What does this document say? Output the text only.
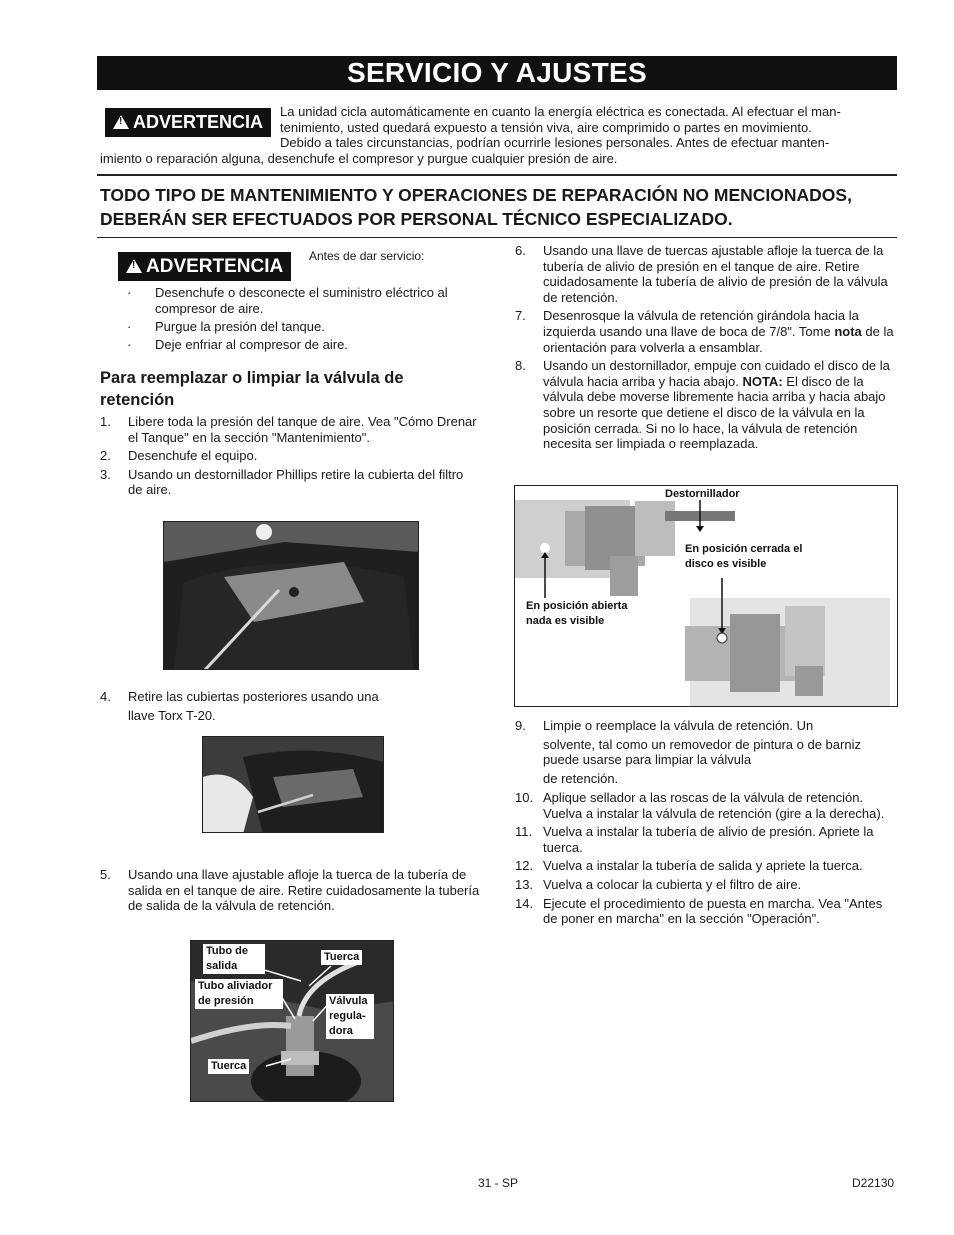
SERVICIO Y AJUSTES
!ADVERTENCIA
La unidad cicla automáticamente en cuanto la energía eléctrica es conectada. Al efectuar el man-
tenimiento, usted quedará expuesto a tensión viva, aire comprimido o partes en movimiento.
Debido a tales circunstancias, podrían ocurrirle lesiones personales. Antes de efectuar manten-
imiento o reparación alguna, desenchufe el compresor y purgue cualquier presión de aire.
TODO TIPO DE MANTENIMIENTO Y OPERACIONES DE REPARACIÓN NO MENCIONADOS,
DEBERÁN SER EFECTUADOS POR PERSONAL TÉCNICO ESPECIALIZADO.
!ADVERTENCIA	Antes de dar servicio:
· Desenchufe o desconecte el suministro eléctrico al compresor de aire.
· Purgue la presión del tanque.
· Deje enfriar al compresor de aire.
Para reemplazar o limpiar la válvula de retención
1. Libere toda la presión del tanque de aire. Vea "Cómo Drenar el Tanque" en la sección "Mantenimiento".
2. Desenchufe el equipo.
3. Usando un destornillador Phillips retire la cubierta del filtro de aire.
4. Retire las cubiertas posteriores usando una
llave Torx T-20.
5. Usando una llave ajustable afloje la tuerca de la tubería de salida en el tanque de aire. Retire cuidadosamente la tubería de salida de la válvula de retención.
Tubo de salida
Tuerca
Tubo aliviador de presión	Válvula regula- dora
Tuerca
6. Usando una llave de tuercas ajustable afloje la tuerca de la tubería de alivio de presión en el tanque de aire. Retire cuidadosamente la tubería de alivio de presión de la válvula de retención.
7. Desenrosque la válvula de retención girándola hacia la izquierda usando una llave de boca de 7/8". Tome nota de la orientación para volverla a ensamblar.
8. Usando un destornillador, empuje con cuidado el disco de la válvula hacia arriba y hacia abajo. NOTA: El disco de la válvula debe moverse libremente hacia arriba y hacia abajo sobre un resorte que detiene el disco de la válvula en la posición cerrada. Si no lo hace, la válvula de retención necesita ser limpiada o reemplazada.
Destornillador
En posición cerrada el disco es visible
En posición abierta nada es visible
9. Limpie o reemplace la válvula de retención. Un
solvente, tal como un removedor de pintura o de barniz puede usarse para limpiar la válvula
de retención.
10. Aplique sellador a las roscas de la válvula de retención. Vuelva a instalar la válvula de retención (gire a la derecha).
11. Vuelva a instalar la tubería de alivio de presión. Apriete la tuerca.
12. Vuelva a instalar la tubería de salida y apriete la tuerca.
13. Vuelva a colocar la cubierta y el filtro de aire.
14. Ejecute el procedimiento de puesta en marcha. Vea "Antes de poner en marcha" en la sección "Operación".
31 - SP	D22130
